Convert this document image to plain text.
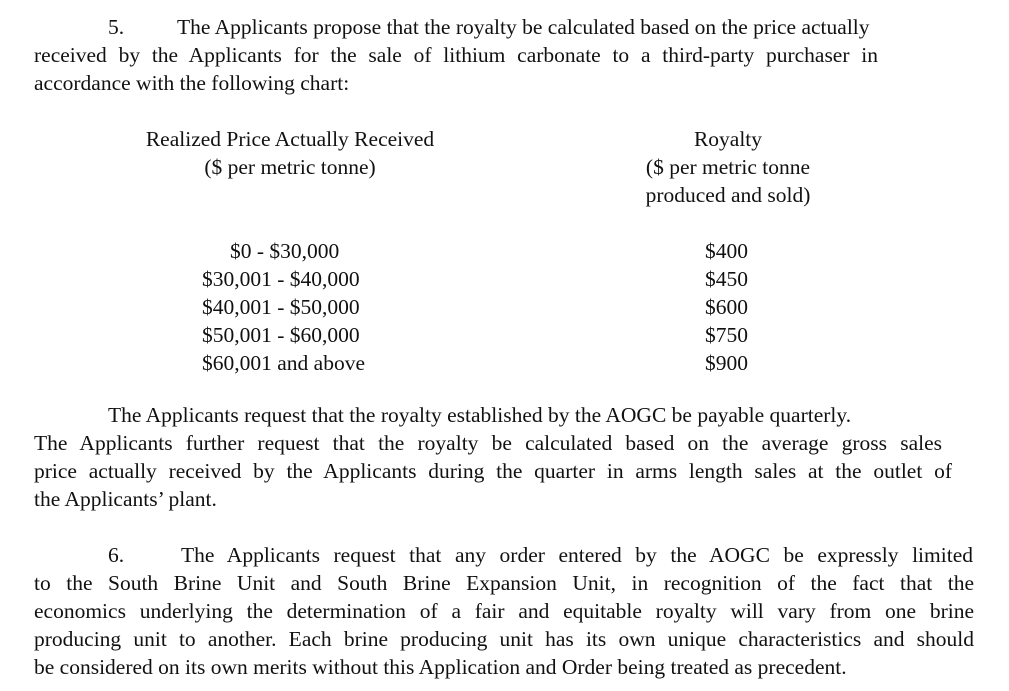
5. The Applicants propose that the royalty be calculated based on the price actually
received by the Applicants for the sale of lithium carbonate to a third-party purchaser in
accordance with the following chart:
Realized Price Actually Received
($ per metric tonne)
Royalty
($ per metric tonne
produced and sold)
$0 - $30,000	$400
$30,001 - $40,000	$450
$40,001 - $50,000	$600
$50,001 - $60,000	$750
$60,001 and above	$900
The Applicants request that the royalty established by the AOGC be payable quarterly.
The Applicants further request that the royalty be calculated based on the average gross sales
price actually received by the Applicants during the quarter in arms length sales at the outlet of
the Applicants’ plant.
6.	The Applicants request that any order entered by the AOGC be expressly limited
to the South Brine Unit and South Brine Expansion Unit, in recognition of the fact that the
economics underlying the determination of a fair and equitable royalty will vary from one brine
producing unit to another. Each brine producing unit has its own unique characteristics and should
be considered on its own merits without this Application and Order being treated as precedent.
